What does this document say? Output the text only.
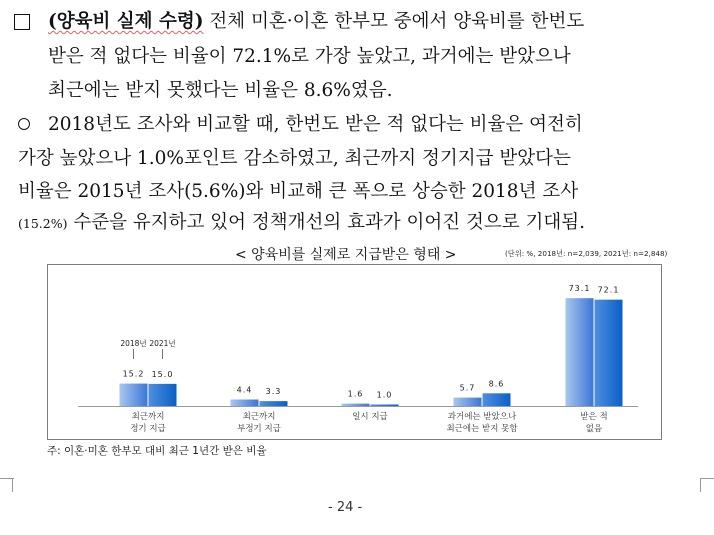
(양육비 실제 수령) 전체 미혼·이혼 한부모 중에서 양육비를 한번도
받은 적 없다는 비율이 72.1%로 가장 높았고, 과거에는 받았으나
최근에는 받지 못했다는 비율은 8.6%였음.
2018년도 조사와 비교할 때, 한번도 받은 적 없다는 비율은 여전히
가장 높았으나 1.0%포인트 감소하였고, 최근까지 정기지급 받았다는
비율은 2015년 조사(5.6%)와 비교해 큰 폭으로 상승한 2018년 조사
(15.2%) 수준을 유지하고 있어 정책개선의 효과가 이어진 것으로 기대됨.
< 양육비를 실제로 지급받은 형태 >	(단위: %, 2018년: n=2,039, 2021년: n=2,848)
15.2 15.0
최근까지
정기 지급
4.4 3.3
최근까지
부정기 지급
1.6 1.0
일시 지급
5.7 8.6
과거에는 받았으나
최근에는 받지 못함
73.1 72.1
받은 적
없음
2018년 2021년
주: 이혼·미혼 한부모 대비 최근 1년간 받은 비율
- 24 -
